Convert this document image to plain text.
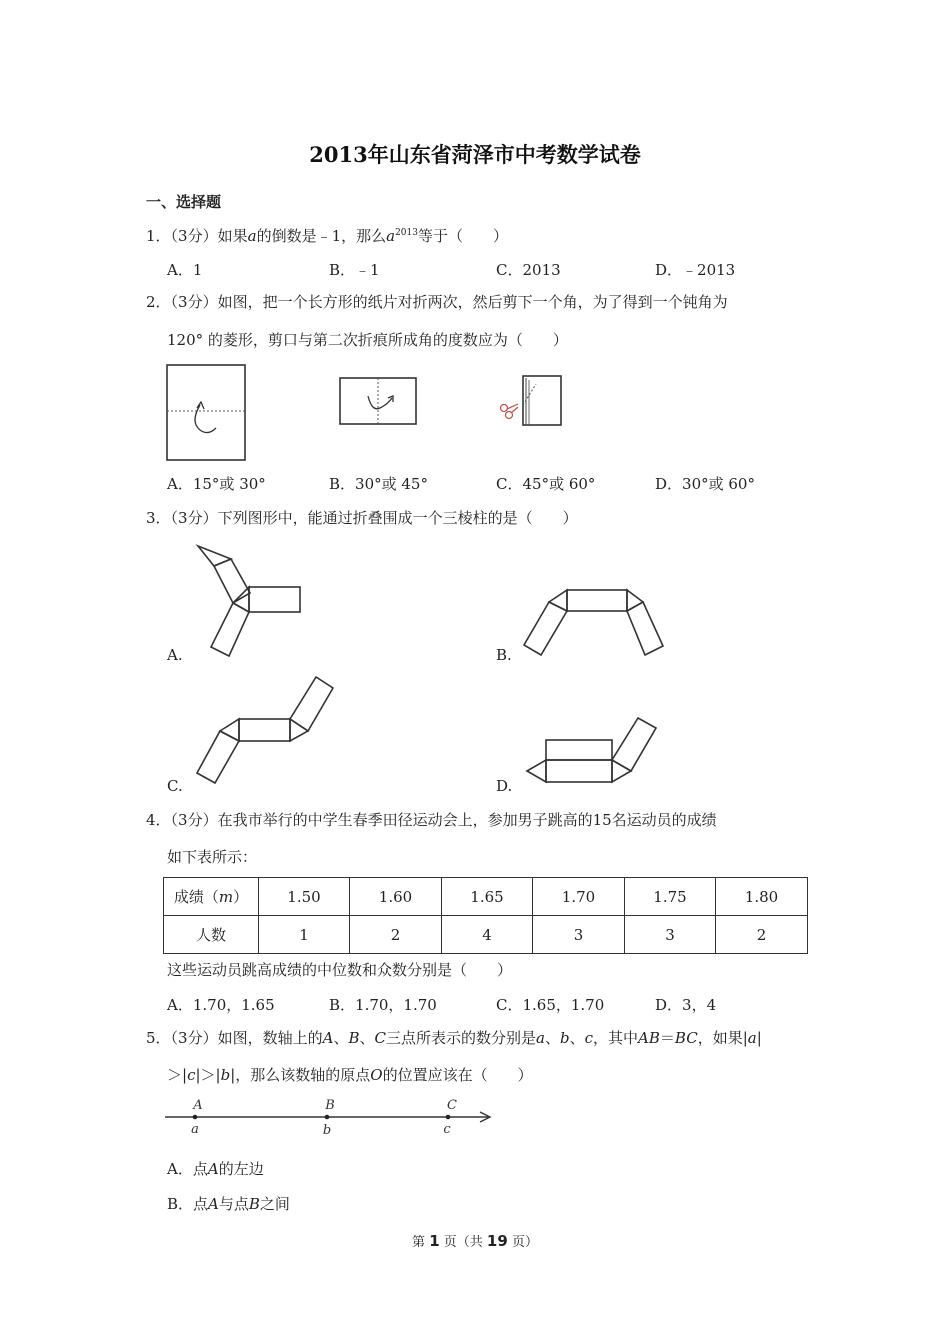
2013年山东省菏泽市中考数学试卷
一、选择题
1．（3分）如果a的倒数是﹣1，那么$a^{2013}$等于（　　）
A．1	B．﹣1	C．2013	D．﹣2013
2．（3分）如图，把一个长方形的纸片对折两次，然后剪下一个角，为了得到一个钝角为
120° 的菱形，剪口与第二次折痕所成角的度数应为（　　）
A．15°或 30°	B．30°或 45°	C．45°或 60°	D．30°或 60°
3．（3分）下列图形中，能通过折叠围成一个三棱柱的是（　　）
A.	B.
C.	D.
4．（3分）在我市举行的中学生春季田径运动会上，参加男子跳高的15名运动员的成绩
如下表所示：
成绩（m）	1.50	1.60	1.65	1.70	1.75	1.80
人数	1	2	4	3	3	2
这些运动员跳高成绩的中位数和众数分别是（　　）
A．1.70，1.65	B．1.70，1.70	C．1.65，1.70	D．3，4
5．（3分）如图，数轴上的A、B、C三点所表示的数分别是a、b、c，其中AB＝BC，如果|a|
＞|c|＞|b|，那么该数轴的原点O的位置应该在（　　）
A	B	C
a	b	c
A．点A的左边
B．点A与点B之间
第 1 页（共 19 页）
